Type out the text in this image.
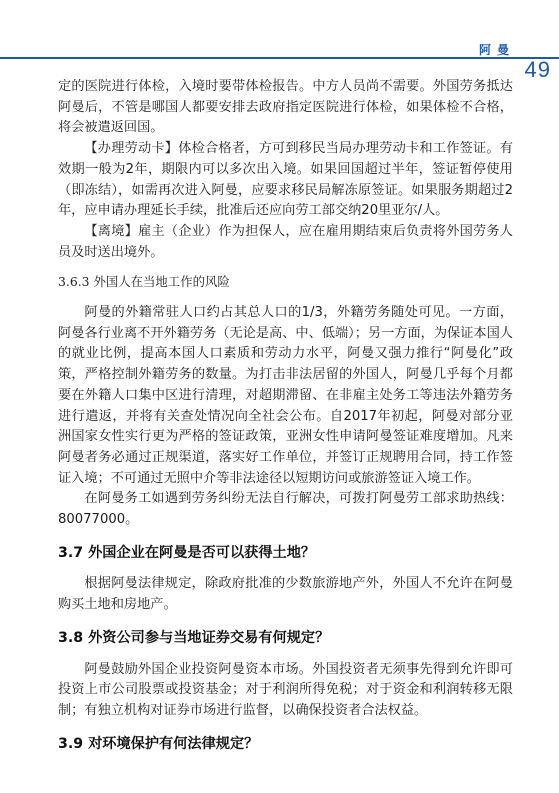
阿曼
49

定的医院进行体检，入境时要带体检报告。中方人员尚不需要。外国劳务抵达阿曼后，不管是哪国人都要安排去政府指定医院进行体检，如果体检不合格，将会被遣返回国。

【办理劳动卡】体检合格者，方可到移民当局办理劳动卡和工作签证。有效期一般为2年，期限内可以多次出入境。如果回国超过半年，签证暂停使用（即冻结），如需再次进入阿曼，应要求移民局解冻原签证。如果服务期超过2年，应申请办理延长手续，批准后还应向劳工部交纳20里亚尔/人。

【离境】雇主（企业）作为担保人，应在雇用期结束后负责将外国劳务人员及时送出境外。

3.6.3 外国人在当地工作的风险

阿曼的外籍常驻人口约占其总人口的1/3，外籍劳务随处可见。一方面，阿曼各行业离不开外籍劳务（无论是高、中、低端）；另一方面，为保证本国人的就业比例，提高本国人口素质和劳动力水平，阿曼又强力推行“阿曼化”政策，严格控制外籍劳务的数量。为打击非法居留的外国人，阿曼几乎每个月都要在外籍人口集中区进行清理，对超期滞留、在非雇主处务工等违法外籍劳务进行遣返，并将有关查处情况向全社会公布。自2017年初起，阿曼对部分亚洲国家女性实行更为严格的签证政策，亚洲女性申请阿曼签证难度增加。凡来阿曼者务必通过正规渠道，落实好工作单位，并签订正规聘用合同，持工作签证入境；不可通过无照中介等非法途径以短期访问或旅游签证入境工作。

在阿曼务工如遇到劳务纠纷无法自行解决，可拨打阿曼劳工部求助热线：80077000。

3.7 外国企业在阿曼是否可以获得土地？

根据阿曼法律规定，除政府批准的少数旅游地产外，外国人不允许在阿曼购买土地和房地产。

3.8 外资公司参与当地证券交易有何规定？

阿曼鼓励外国企业投资阿曼资本市场。外国投资者无须事先得到允许即可投资上市公司股票或投资基金；对于利润所得免税；对于资金和利润转移无限制；有独立机构对证券市场进行监督，以确保投资者合法权益。

3.9 对环境保护有何法律规定？
